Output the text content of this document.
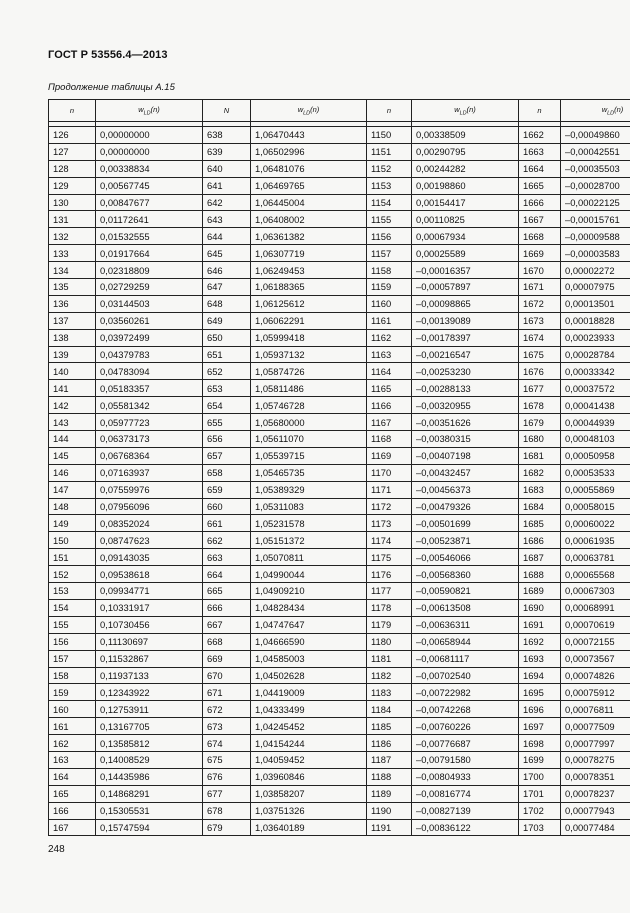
ГОСТ Р 53556.4—2013
Продолжение таблицы А.15
n	$w_{LD}(n)$	N	$w_{LD}(n)$	n	$w_{LD}(n)$	n	$w_{LD}(n)$

126	0,00000000	638	1,06470443	1150	0,00338509	1662	–0,00049860
127	0,00000000	639	1,06502996	1151	0,00290795	1663	–0,00042551
128	0,00338834	640	1,06481076	1152	0,00244282	1664	–0,00035503
129	0,00567745	641	1,06469765	1153	0,00198860	1665	–0,00028700
130	0,00847677	642	1,06445004	1154	0,00154417	1666	–0,00022125
131	0,01172641	643	1,06408002	1155	0,00110825	1667	–0,00015761
132	0,01532555	644	1,06361382	1156	0,00067934	1668	–0,00009588
133	0,01917664	645	1,06307719	1157	0,00025589	1669	–0,00003583
134	0,02318809	646	1,06249453	1158	–0,00016357	1670	0,00002272
135	0,02729259	647	1,06188365	1159	–0,00057897	1671	0,00007975
136	0,03144503	648	1,06125612	1160	–0,00098865	1672	0,00013501
137	0,03560261	649	1,06062291	1161	–0,00139089	1673	0,00018828
138	0,03972499	650	1,05999418	1162	–0,00178397	1674	0,00023933
139	0,04379783	651	1,05937132	1163	–0,00216547	1675	0,00028784
140	0,04783094	652	1,05874726	1164	–0,00253230	1676	0,00033342
141	0,05183357	653	1,05811486	1165	–0,00288133	1677	0,00037572
142	0,05581342	654	1,05746728	1166	–0,00320955	1678	0,00041438
143	0,05977723	655	1,05680000	1167	–0,00351626	1679	0,00044939
144	0,06373173	656	1,05611070	1168	–0,00380315	1680	0,00048103
145	0,06768364	657	1,05539715	1169	–0,00407198	1681	0,00050958
146	0,07163937	658	1,05465735	1170	–0,00432457	1682	0,00053533
147	0,07559976	659	1,05389329	1171	–0,00456373	1683	0,00055869
148	0,07956096	660	1,05311083	1172	–0,00479326	1684	0,00058015
149	0,08352024	661	1,05231578	1173	–0,00501699	1685	0,00060022
150	0,08747623	662	1,05151372	1174	–0,00523871	1686	0,00061935
151	0,09143035	663	1,05070811	1175	–0,00546066	1687	0,00063781
152	0,09538618	664	1,04990044	1176	–0,00568360	1688	0,00065568
153	0,09934771	665	1,04909210	1177	–0,00590821	1689	0,00067303
154	0,10331917	666	1,04828434	1178	–0,00613508	1690	0,00068991
155	0,10730456	667	1,04747647	1179	–0,00636311	1691	0,00070619
156	0,11130697	668	1,04666590	1180	–0,00658944	1692	0,00072155
157	0,11532867	669	1,04585003	1181	–0,00681117	1693	0,00073567
158	0,11937133	670	1,04502628	1182	–0,00702540	1694	0,00074826
159	0,12343922	671	1,04419009	1183	–0,00722982	1695	0,00075912
160	0,12753911	672	1,04333499	1184	–0,00742268	1696	0,00076811
161	0,13167705	673	1,04245452	1185	–0,00760226	1697	0,00077509
162	0,13585812	674	1,04154244	1186	–0,00776687	1698	0,00077997
163	0,14008529	675	1,04059452	1187	–0,00791580	1699	0,00078275
164	0,14435986	676	1,03960846	1188	–0,00804933	1700	0,00078351
165	0,14868291	677	1,03858207	1189	–0,00816774	1701	0,00078237
166	0,15305531	678	1,03751326	1190	–0,00827139	1702	0,00077943
167	0,15747594	679	1,03640189	1191	–0,00836122	1703	0,00077484
248
